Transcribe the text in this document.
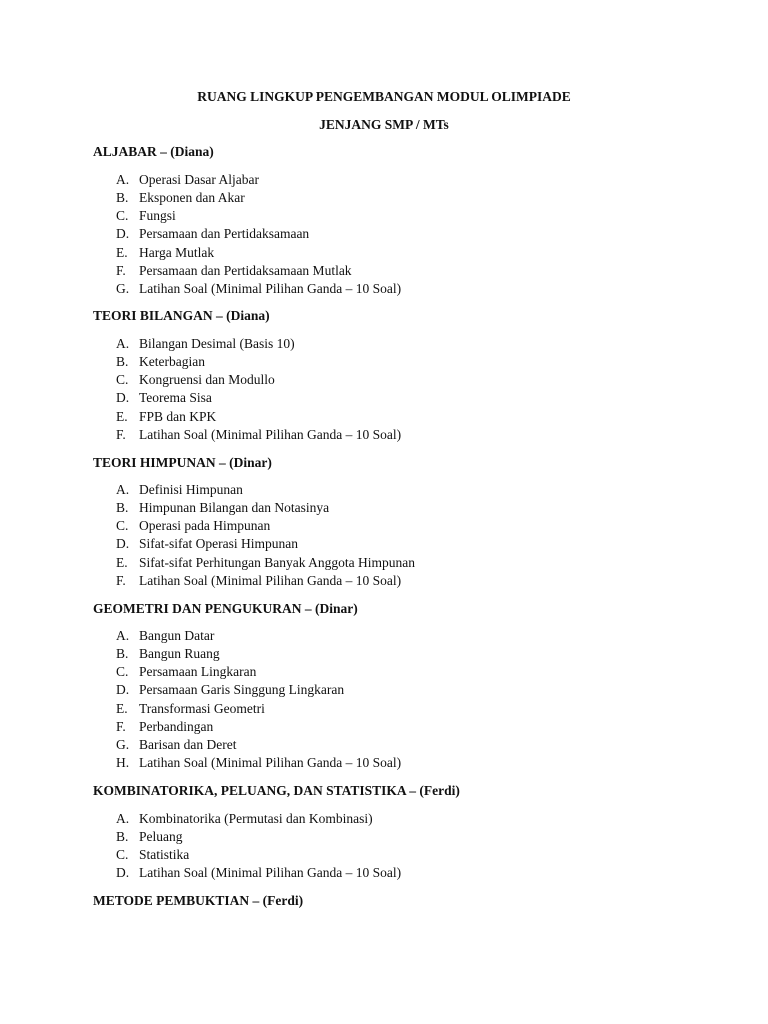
RUANG LINGKUP PENGEMBANGAN MODUL OLIMPIADE
JENJANG SMP / MTs
ALJABAR – (Diana)
A. Operasi Dasar Aljabar
B. Eksponen dan Akar
C. Fungsi
D. Persamaan dan Pertidaksamaan
E. Harga Mutlak
F. Persamaan dan Pertidaksamaan Mutlak
G. Latihan Soal (Minimal Pilihan Ganda – 10 Soal)
TEORI BILANGAN – (Diana)
A. Bilangan Desimal (Basis 10)
B. Keterbagian
C. Kongruensi dan Modullo
D. Teorema Sisa
E. FPB dan KPK
F. Latihan Soal (Minimal Pilihan Ganda – 10 Soal)
TEORI HIMPUNAN – (Dinar)
A. Definisi Himpunan
B. Himpunan Bilangan dan Notasinya
C. Operasi pada Himpunan
D. Sifat-sifat Operasi Himpunan
E. Sifat-sifat Perhitungan Banyak Anggota Himpunan
F. Latihan Soal (Minimal Pilihan Ganda – 10 Soal)
GEOMETRI DAN PENGUKURAN – (Dinar)
A. Bangun Datar
B. Bangun Ruang
C. Persamaan Lingkaran
D. Persamaan Garis Singgung Lingkaran
E. Transformasi Geometri
F. Perbandingan
G. Barisan dan Deret
H. Latihan Soal (Minimal Pilihan Ganda – 10 Soal)
KOMBINATORIKA, PELUANG, DAN STATISTIKA – (Ferdi)
A. Kombinatorika (Permutasi dan Kombinasi)
B. Peluang
C. Statistika
D. Latihan Soal (Minimal Pilihan Ganda – 10 Soal)
METODE PEMBUKTIAN – (Ferdi)
